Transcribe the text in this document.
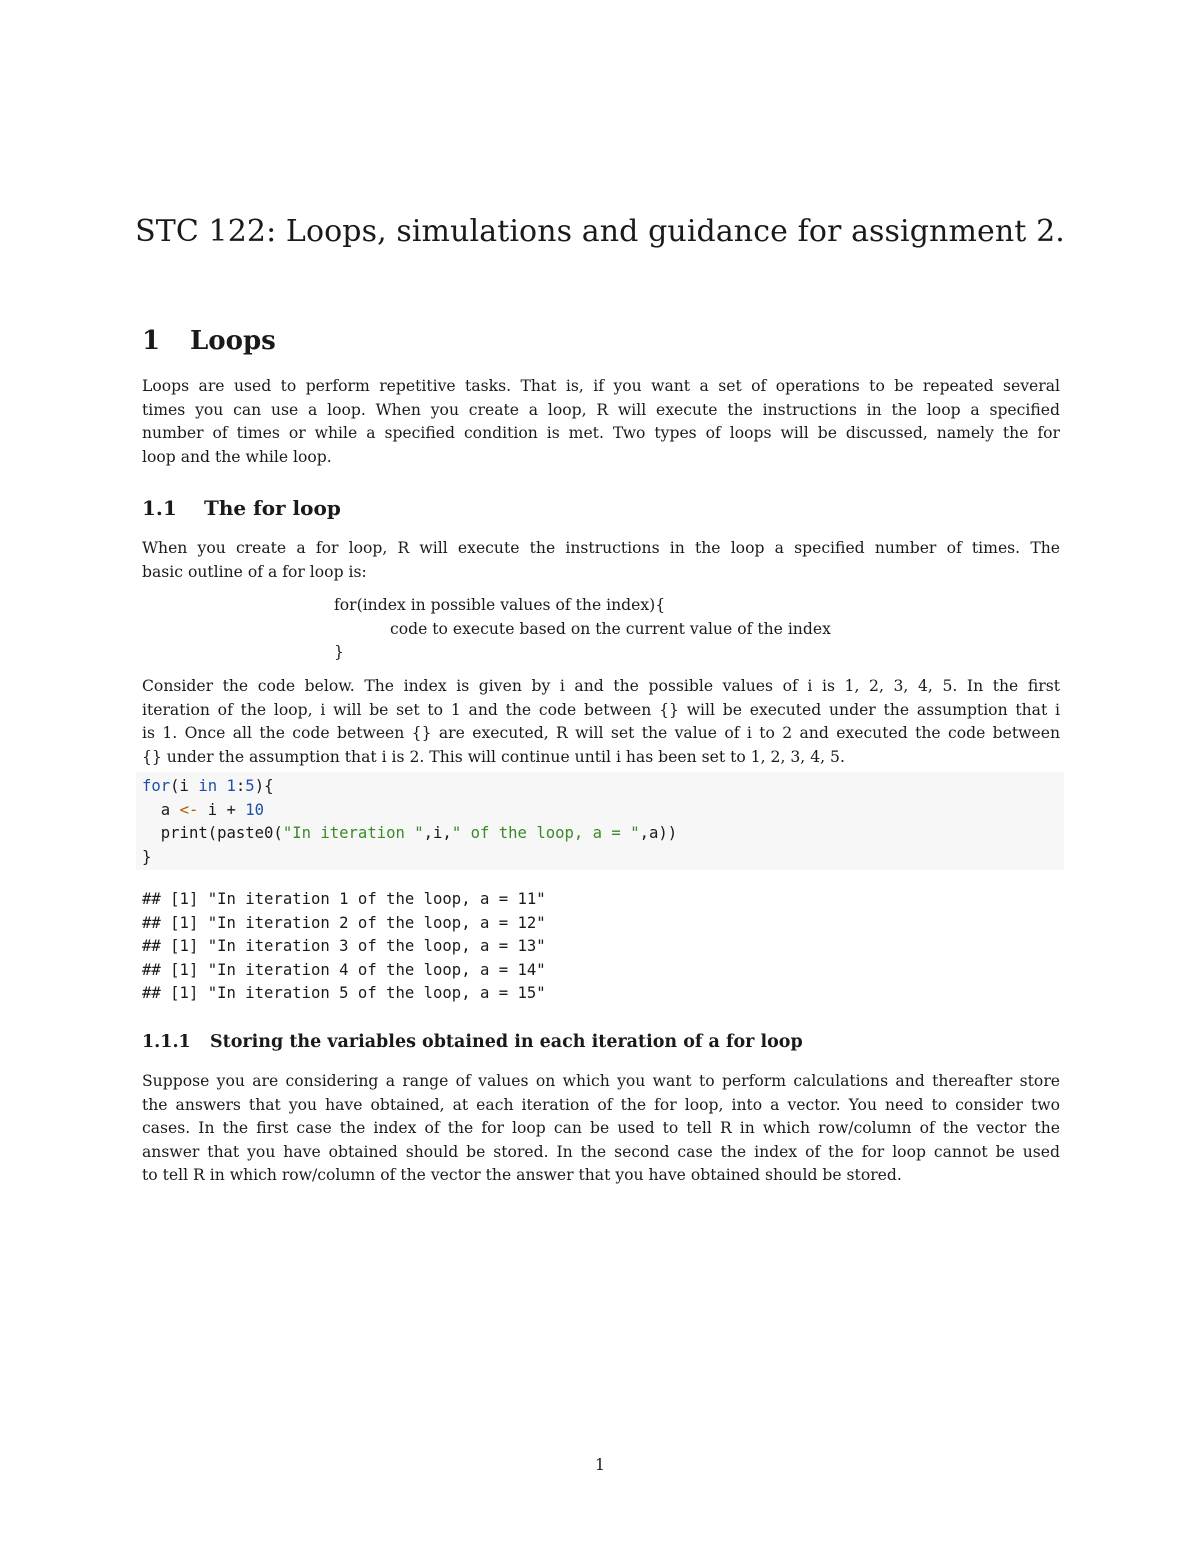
STC 122: Loops, simulations and guidance for assignment 2.
1 Loops
Loops are used to perform repetitive tasks. That is, if you want a set of operations to be repeated several
times you can use a loop. When you create a loop, R will execute the instructions in the loop a specified
number of times or while a specified condition is met. Two types of loops will be discussed, namely the for
loop and the while loop.
1.1 The for loop
When you create a for loop, R will execute the instructions in the loop a specified number of times. The
basic outline of a for loop is:
for(index in possible values of the index){
code to execute based on the current value of the index
}
Consider the code below. The index is given by i and the possible values of i is 1, 2, 3, 4, 5. In the first
iteration of the loop, i will be set to 1 and the code between {} will be executed under the assumption that i
is 1. Once all the code between {} are executed, R will set the value of i to 2 and executed the code between
{} under the assumption that i is 2. This will continue until i has been set to 1, 2, 3, 4, 5.
for(i in 1:5){
a <- i + 10
print(paste0("In iteration ",i," of the loop, a = ",a))
}
## [1] "In iteration 1 of the loop, a = 11"
## [1] "In iteration 2 of the loop, a = 12"
## [1] "In iteration 3 of the loop, a = 13"
## [1] "In iteration 4 of the loop, a = 14"
## [1] "In iteration 5 of the loop, a = 15"
1.1.1 Storing the variables obtained in each iteration of a for loop
Suppose you are considering a range of values on which you want to perform calculations and thereafter store
the answers that you have obtained, at each iteration of the for loop, into a vector. You need to consider two
cases. In the first case the index of the for loop can be used to tell R in which row/column of the vector the
answer that you have obtained should be stored. In the second case the index of the for loop cannot be used
to tell R in which row/column of the vector the answer that you have obtained should be stored.
1
